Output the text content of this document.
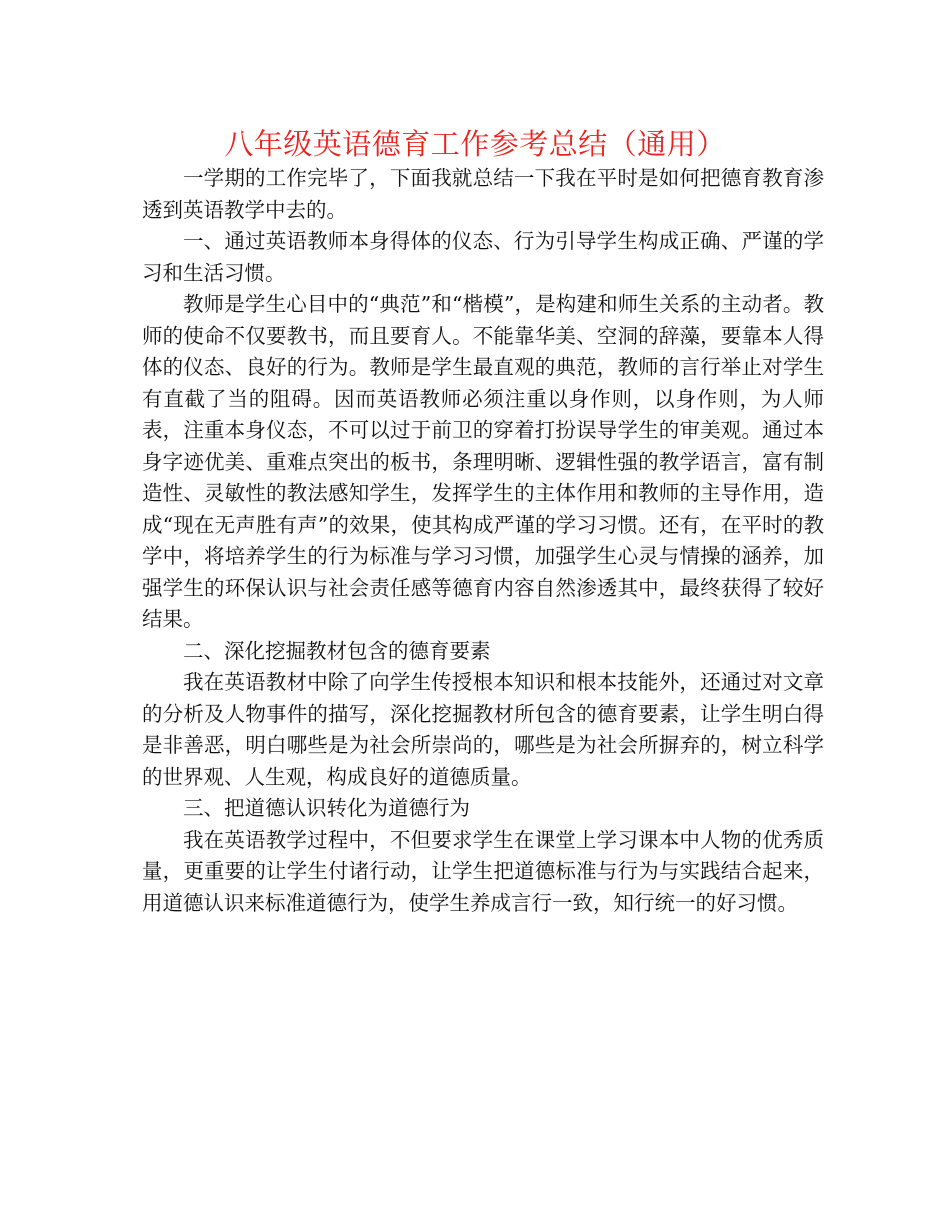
八年级英语德育工作参考总结（通用）

一学期的工作完毕了，下面我就总结一下我在平时是如何把德育教育渗透到英语教学中去的。

一、通过英语教师本身得体的仪态、行为引导学生构成正确、严谨的学习和生活习惯。

教师是学生心目中的“典范”和“楷模”，是构建和师生关系的主动者。教师的使命不仅要教书，而且要育人。不能靠华美、空洞的辞藻，要靠本人得体的仪态、良好的行为。教师是学生最直观的典范，教师的言行举止对学生有直截了当的阻碍。因而英语教师必须注重以身作则，以身作则，为人师表，注重本身仪态，不可以过于前卫的穿着打扮误导学生的审美观。通过本身字迹优美、重难点突出的板书，条理明晰、逻辑性强的教学语言，富有制造性、灵敏性的教法感知学生，发挥学生的主体作用和教师的主导作用，造成“现在无声胜有声”的效果，使其构成严谨的学习习惯。还有，在平时的教学中，将培养学生的行为标准与学习习惯，加强学生心灵与情操的涵养，加强学生的环保认识与社会责任感等德育内容自然渗透其中，最终获得了较好结果。

二、深化挖掘教材包含的德育要素

我在英语教材中除了向学生传授根本知识和根本技能外，还通过对文章的分析及人物事件的描写，深化挖掘教材所包含的德育要素，让学生明白得是非善恶，明白哪些是为社会所崇尚的，哪些是为社会所摒弃的，树立科学的世界观、人生观，构成良好的道德质量。

三、把道德认识转化为道德行为

我在英语教学过程中，不但要求学生在课堂上学习课本中人物的优秀质量，更重要的让学生付诸行动，让学生把道德标准与行为与实践结合起来，用道德认识来标准道德行为，使学生养成言行一致，知行统一的好习惯。
